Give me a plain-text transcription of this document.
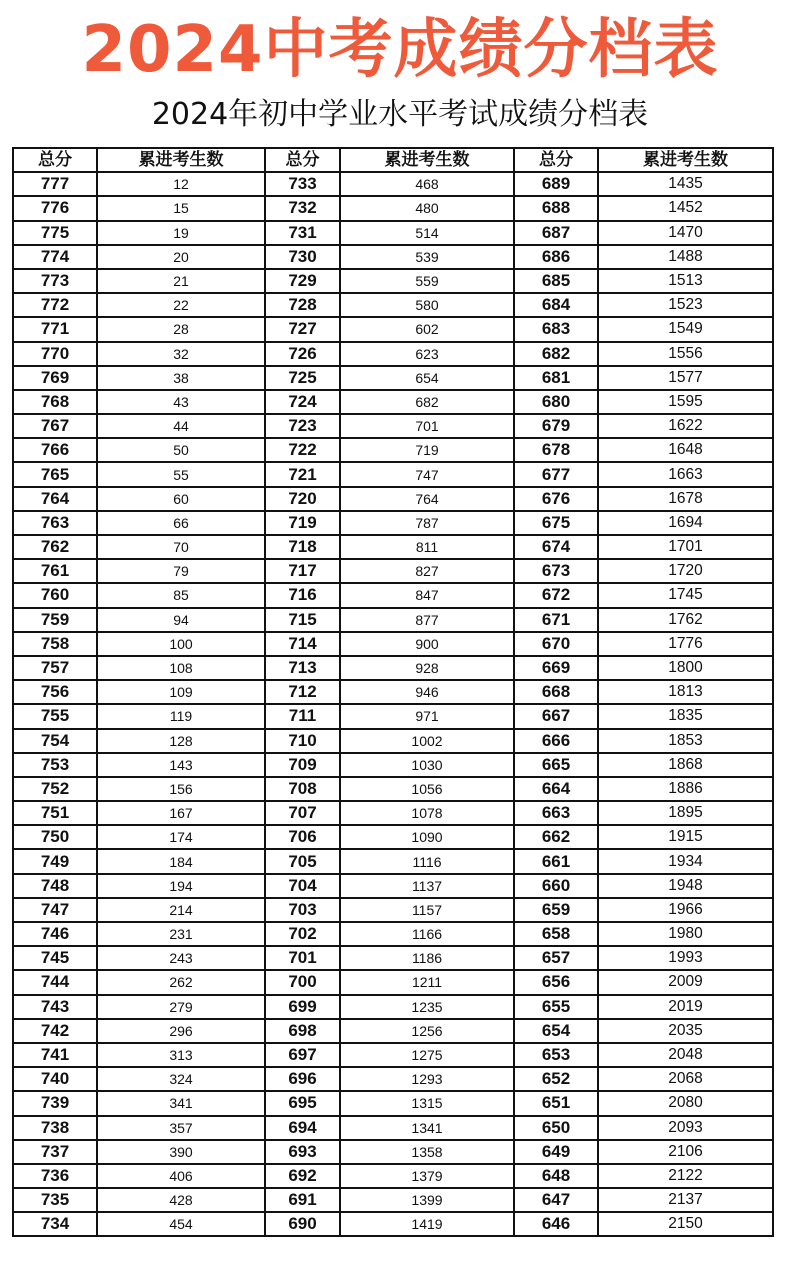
2024中考成绩分档表
2024年初中学业水平考试成绩分档表
总分	累进考生数	总分	累进考生数	总分	累进考生数
777	12	733	468	689	1435
776	15	732	480	688	1452
775	19	731	514	687	1470
774	20	730	539	686	1488
773	21	729	559	685	1513
772	22	728	580	684	1523
771	28	727	602	683	1549
770	32	726	623	682	1556
769	38	725	654	681	1577
768	43	724	682	680	1595
767	44	723	701	679	1622
766	50	722	719	678	1648
765	55	721	747	677	1663
764	60	720	764	676	1678
763	66	719	787	675	1694
762	70	718	811	674	1701
761	79	717	827	673	1720
760	85	716	847	672	1745
759	94	715	877	671	1762
758	100	714	900	670	1776
757	108	713	928	669	1800
756	109	712	946	668	1813
755	119	711	971	667	1835
754	128	710	1002	666	1853
753	143	709	1030	665	1868
752	156	708	1056	664	1886
751	167	707	1078	663	1895
750	174	706	1090	662	1915
749	184	705	1116	661	1934
748	194	704	1137	660	1948
747	214	703	1157	659	1966
746	231	702	1166	658	1980
745	243	701	1186	657	1993
744	262	700	1211	656	2009
743	279	699	1235	655	2019
742	296	698	1256	654	2035
741	313	697	1275	653	2048
740	324	696	1293	652	2068
739	341	695	1315	651	2080
738	357	694	1341	650	2093
737	390	693	1358	649	2106
736	406	692	1379	648	2122
735	428	691	1399	647	2137
734	454	690	1419	646	2150
